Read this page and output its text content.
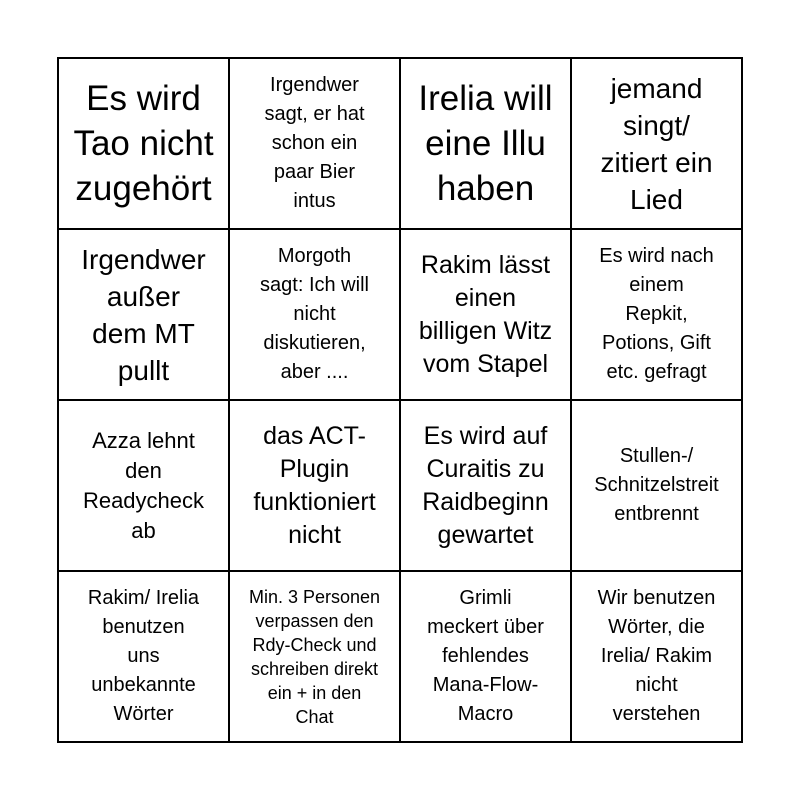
Es wird
Tao nicht
zugehört
Irgendwer
sagt, er hat
schon ein
paar Bier
intus
Irelia will
eine Illu
haben
jemand
singt/
zitiert ein
Lied
Irgendwer
außer
dem MT
pullt
Morgoth
sagt: Ich will
nicht
diskutieren,
aber ....
Rakim lässt
einen
billigen Witz
vom Stapel
Es wird nach
einem
Repkit,
Potions, Gift
etc. gefragt
Azza lehnt
den
Readycheck
ab
das ACT-
Plugin
funktioniert
nicht
Es wird auf
Curaitis zu
Raidbeginn
gewartet
Stullen-/
Schnitzelstreit
entbrennt
Rakim/ Irelia
benutzen
uns
unbekannte
Wörter
Min. 3 Personen
verpassen den
Rdy-Check und
schreiben direkt
ein + in den
Chat
Grimli
meckert über
fehlendes
Mana-Flow-
Macro
Wir benutzen
Wörter, die
Irelia/ Rakim
nicht
verstehen
